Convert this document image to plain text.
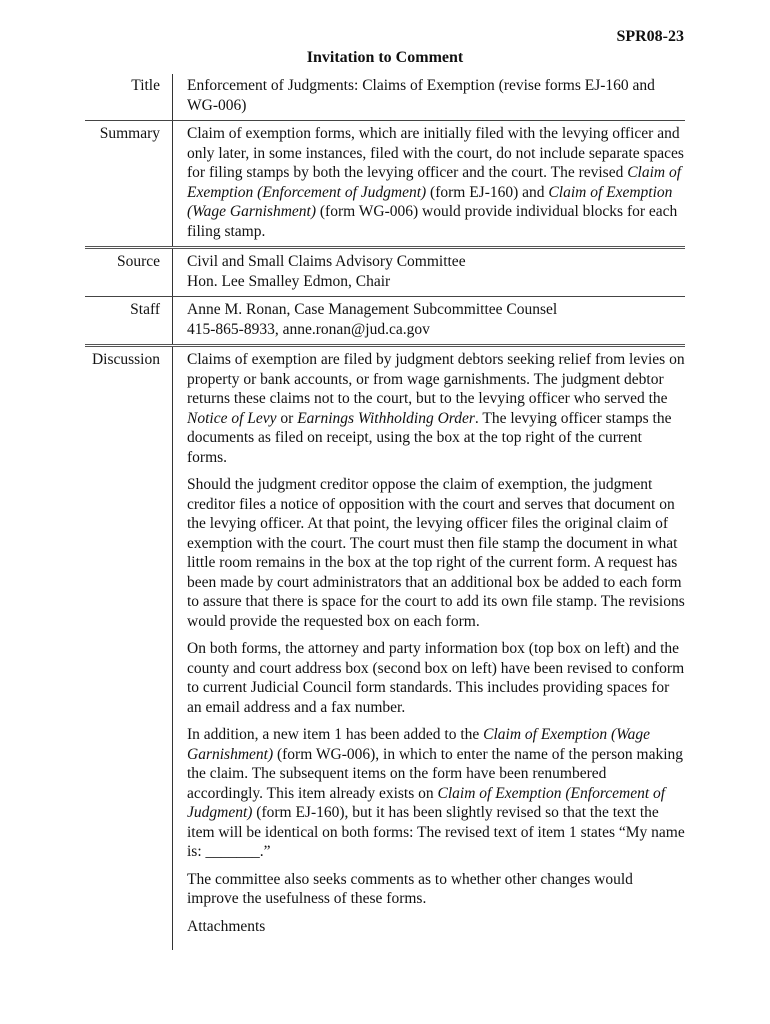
SPR08-23
Invitation to Comment
Title	Enforcement of Judgments: Claims of Exemption (revise forms EJ-160 and WG-006)
Summary	Claim of exemption forms, which are initially filed with the levying officer and only later, in some instances, filed with the court, do not include separate spaces for filing stamps by both the levying officer and the court. The revised Claim of Exemption (Enforcement of Judgment) (form EJ-160) and Claim of Exemption (Wage Garnishment) (form WG-006) would provide individual blocks for each filing stamp.
Source	Civil and Small Claims Advisory Committee
Hon. Lee Smalley Edmon, Chair
Staff	Anne M. Ronan, Case Management Subcommittee Counsel
415-865-8933, anne.ronan@jud.ca.gov
Discussion	Claims of exemption are filed by judgment debtors seeking relief from levies on property or bank accounts, or from wage garnishments. The judgment debtor returns these claims not to the court, but to the levying officer who served the Notice of Levy or Earnings Withholding Order. The levying officer stamps the documents as filed on receipt, using the box at the top right of the current forms.

Should the judgment creditor oppose the claim of exemption, the judgment creditor files a notice of opposition with the court and serves that document on the levying officer. At that point, the levying officer files the original claim of exemption with the court. The court must then file stamp the document in what little room remains in the box at the top right of the current form. A request has been made by court administrators that an additional box be added to each form to assure that there is space for the court to add its own file stamp. The revisions would provide the requested box on each form.

On both forms, the attorney and party information box (top box on left) and the county and court address box (second box on left) have been revised to conform to current Judicial Council form standards. This includes providing spaces for an email address and a fax number.

In addition, a new item 1 has been added to the Claim of Exemption (Wage Garnishment) (form WG-006), in which to enter the name of the person making the claim. The subsequent items on the form have been renumbered accordingly. This item already exists on Claim of Exemption (Enforcement of Judgment) (form EJ-160), but it has been slightly revised so that the text the item will be identical on both forms: The revised text of item 1 states “My name is: _______.”

The committee also seeks comments as to whether other changes would improve the usefulness of these forms.

Attachments
